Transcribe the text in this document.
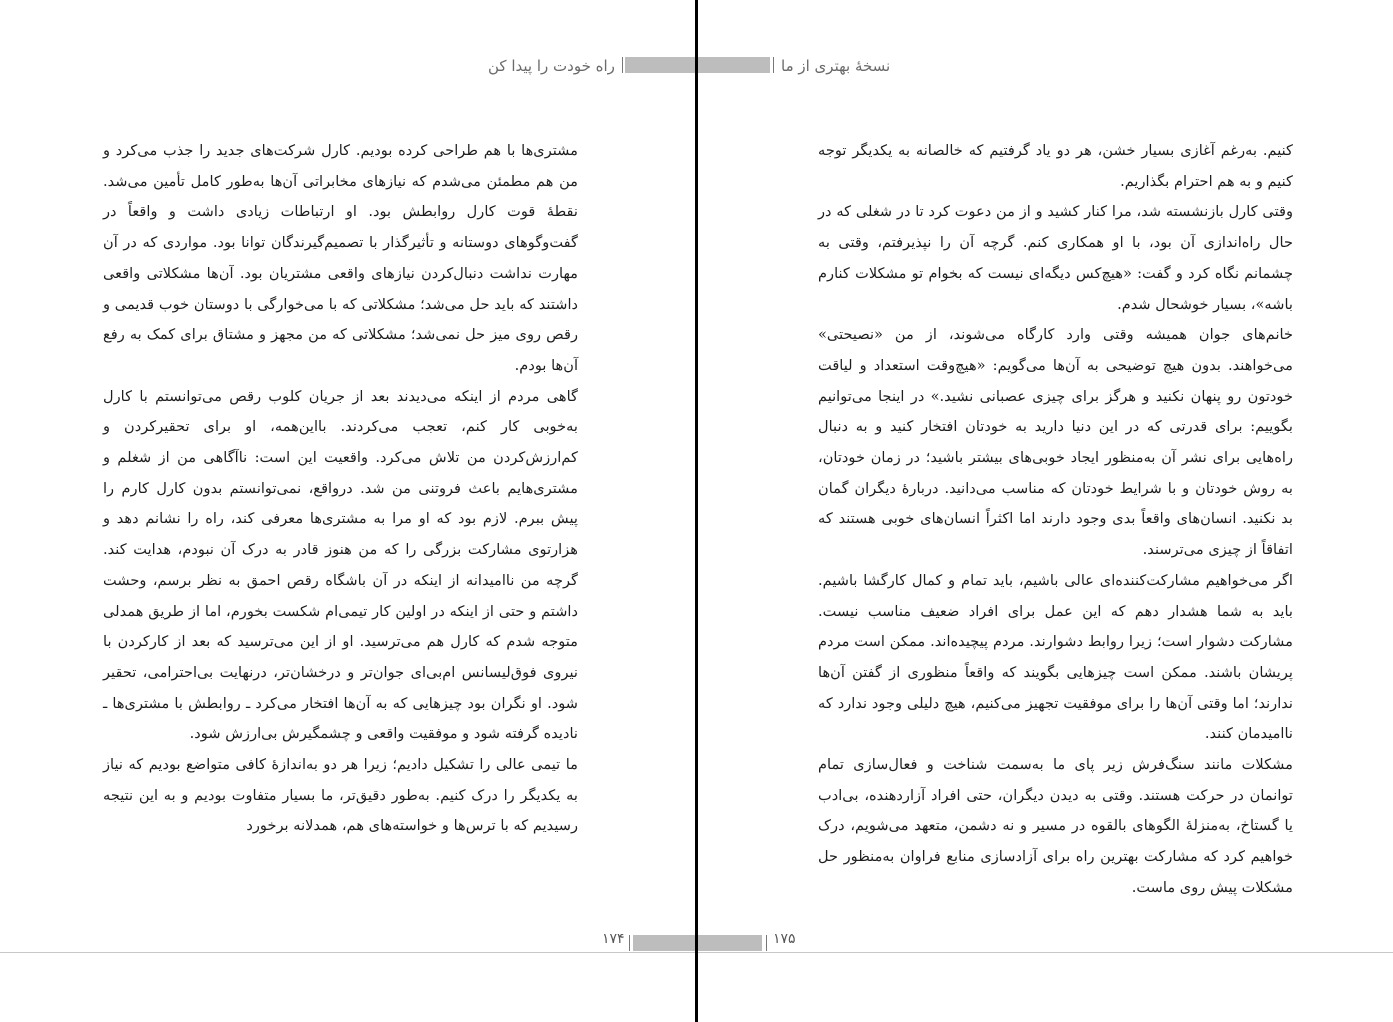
راه خودت را پیدا کن	نسخهٔ بهتری از ما

مشتری‌ها با هم طراحی کرده بودیم. کارل شرکت‌های جدید را جذب می‌کرد و من هم مطمئن می‌شدم که نیازهای مخابراتی آن‌ها به‌طور کامل تأمین می‌شد. نقطهٔ قوت کارل روابطش بود. او ارتباطات زیادی داشت و واقعاً در گفت‌وگوهای دوستانه و تأثیرگذار با تصمیم‌گیرندگان توانا بود. مواردی که در آن مهارت نداشت دنبال‌کردن نیازهای واقعی مشتریان بود. آن‌ها مشکلاتی واقعی داشتند که باید حل می‌شد؛ مشکلاتی که با می‌خوارگی با دوستان خوب قدیمی و رقص روی میز حل نمی‌شد؛ مشکلاتی که من مجهز و مشتاق برای کمک به رفع آن‌ها بودم.

گاهی مردم از اینکه می‌دیدند بعد از جریان کلوب رقص می‌توانستم با کارل به‌خوبی کار کنم، تعجب می‌کردند. بااین‌همه، او برای تحقیرکردن و کم‌ارزش‌کردن من تلاش می‌کرد. واقعیت این است: ناآگاهی من از شغلم و مشتری‌هایم باعث فروتنی من شد. درواقع، نمی‌توانستم بدون کارل کارم را پیش ببرم. لازم بود که او مرا به مشتری‌ها معرفی کند، راه را نشانم دهد و هزارتوی مشارکت بزرگی را که من هنوز قادر به درک آن نبودم، هدایت کند. گرچه من ناامیدانه از اینکه در آن باشگاه رقص احمق به نظر برسم، وحشت داشتم و حتی از اینکه در اولین کار تیمی‌ام شکست بخورم، اما از طریق همدلی متوجه شدم که کارل هم می‌ترسید. او از این می‌ترسید که بعد از کارکردن با نیروی فوق‌لیسانس ام‌بی‌ای جوان‌تر و درخشان‌تر، درنهایت بی‌احترامی، تحقیر شود. او نگران بود چیزهایی که به آن‌ها افتخار می‌کرد ـ روابطش با مشتری‌ها ـ نادیده گرفته شود و موفقیت واقعی و چشمگیرش بی‌ارزش شود.

ما تیمی عالی را تشکیل دادیم؛ زیرا هر دو به‌اندازهٔ کافی متواضع بودیم که نیاز به یکدیگر را درک کنیم. به‌طور دقیق‌تر، ما بسیار متفاوت بودیم و به این نتیجه رسیدیم که با ترس‌ها و خواسته‌های هم، همدلانه برخورد

کنیم. به‌رغم آغازی بسیار خشن، هر دو یاد گرفتیم که خالصانه به یکدیگر توجه کنیم و به هم احترام بگذاریم.

وقتی کارل بازنشسته شد، مرا کنار کشید و از من دعوت کرد تا در شغلی که در حال راه‌اندازی آن بود، با او همکاری کنم. گرچه آن را نپذیرفتم، وقتی به چشمانم نگاه کرد و گفت: «هیچ‌کس دیگه‌ای نیست که بخوام تو مشکلات کنارم باشه»، بسیار خوشحال شدم.

خانم‌های جوان همیشه وقتی وارد کارگاه می‌شوند، از من «نصیحتی» می‌خواهند. بدون هیچ توضیحی به آن‌ها می‌گویم: «هیچ‌وقت استعداد و لیاقت خودتون رو پنهان نکنید و هرگز برای چیزی عصبانی نشید.» در اینجا می‌توانیم بگوییم: برای قدرتی که در این دنیا دارید به خودتان افتخار کنید و به دنبال راه‌هایی برای نشر آن به‌منظور ایجاد خوبی‌های بیشتر باشید؛ در زمان خودتان، به روش خودتان و با شرایط خودتان که مناسب می‌دانید. دربارهٔ دیگران گمان بد نکنید. انسان‌های واقعاً بدی وجود دارند اما اکثراً انسان‌های خوبی هستند که اتفاقاً از چیزی می‌ترسند.

اگر می‌خواهیم مشارکت‌کننده‌ای عالی باشیم، باید تمام و کمال کارگشا باشیم. باید به شما هشدار دهم که این عمل برای افراد ضعیف مناسب نیست. مشارکت دشوار است؛ زیرا روابط دشوارند. مردم پیچیده‌اند. ممکن است مردم پریشان باشند. ممکن است چیزهایی بگویند که واقعاً منظوری از گفتن آن‌ها ندارند؛ اما وقتی آن‌ها را برای موفقیت تجهیز می‌کنیم، هیچ دلیلی وجود ندارد که ناامیدمان کنند.

مشکلات مانند سنگ‌فرش زیر پای ما به‌سمت شناخت و فعال‌سازی تمام توانمان در حرکت هستند. وقتی به دیدن دیگران، حتی افراد آزاردهنده، بی‌ادب یا گستاخ، به‌منزلهٔ الگوهای بالقوه در مسیر و نه دشمن، متعهد می‌شویم، درک خواهیم کرد که مشارکت بهترین راه برای آزادسازی منابع فراوان به‌منظور حل مشکلات پیش روی ماست.

۱۷۴	۱۷۵
